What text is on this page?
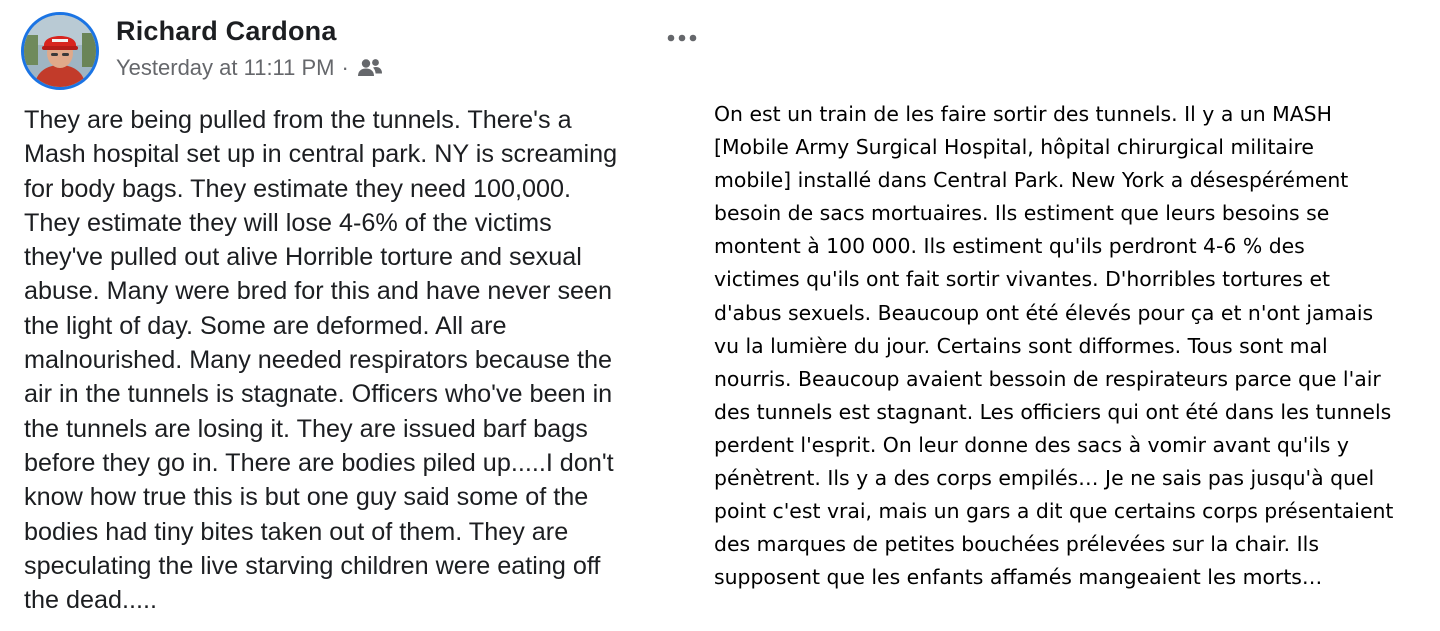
Richard Cardona
Yesterday at 11:11 PM ·

They are being pulled from the tunnels. There's a
Mash hospital set up in central park. NY is screaming
for body bags. They estimate they need 100,000.
They estimate they will lose 4-6% of the victims
they've pulled out alive Horrible torture and sexual
abuse. Many were bred for this and have never seen
the light of day. Some are deformed. All are
malnourished. Many needed respirators because the
air in the tunnels is stagnate. Officers who've been in
the tunnels are losing it. They are issued barf bags
before they go in. There are bodies piled up.....I don't
know how true this is but one guy said some of the
bodies had tiny bites taken out of them. They are
speculating the live starving children were eating off
the dead.....

On est un train de les faire sortir des tunnels. Il y a un MASH
[Mobile Army Surgical Hospital, hôpital chirurgical militaire
mobile] installé dans Central Park. New York a désespérément
besoin de sacs mortuaires. Ils estiment que leurs besoins se
montent à 100 000. Ils estiment qu'ils perdront 4-6 % des
victimes qu'ils ont fait sortir vivantes. D'horribles tortures et
d'abus sexuels. Beaucoup ont été élevés pour ça et n'ont jamais
vu la lumière du jour. Certains sont difformes. Tous sont mal
nourris. Beaucoup avaient bessoin de respirateurs parce que l'air
des tunnels est stagnant. Les officiers qui ont été dans les tunnels
perdent l'esprit. On leur donne des sacs à vomir avant qu'ils y
pénètrent. Ils y a des corps empilés… Je ne sais pas jusqu'à quel
point c'est vrai, mais un gars a dit que certains corps présentaient
des marques de petites bouchées prélevées sur la chair. Ils
supposent que les enfants affamés mangeaient les morts…
